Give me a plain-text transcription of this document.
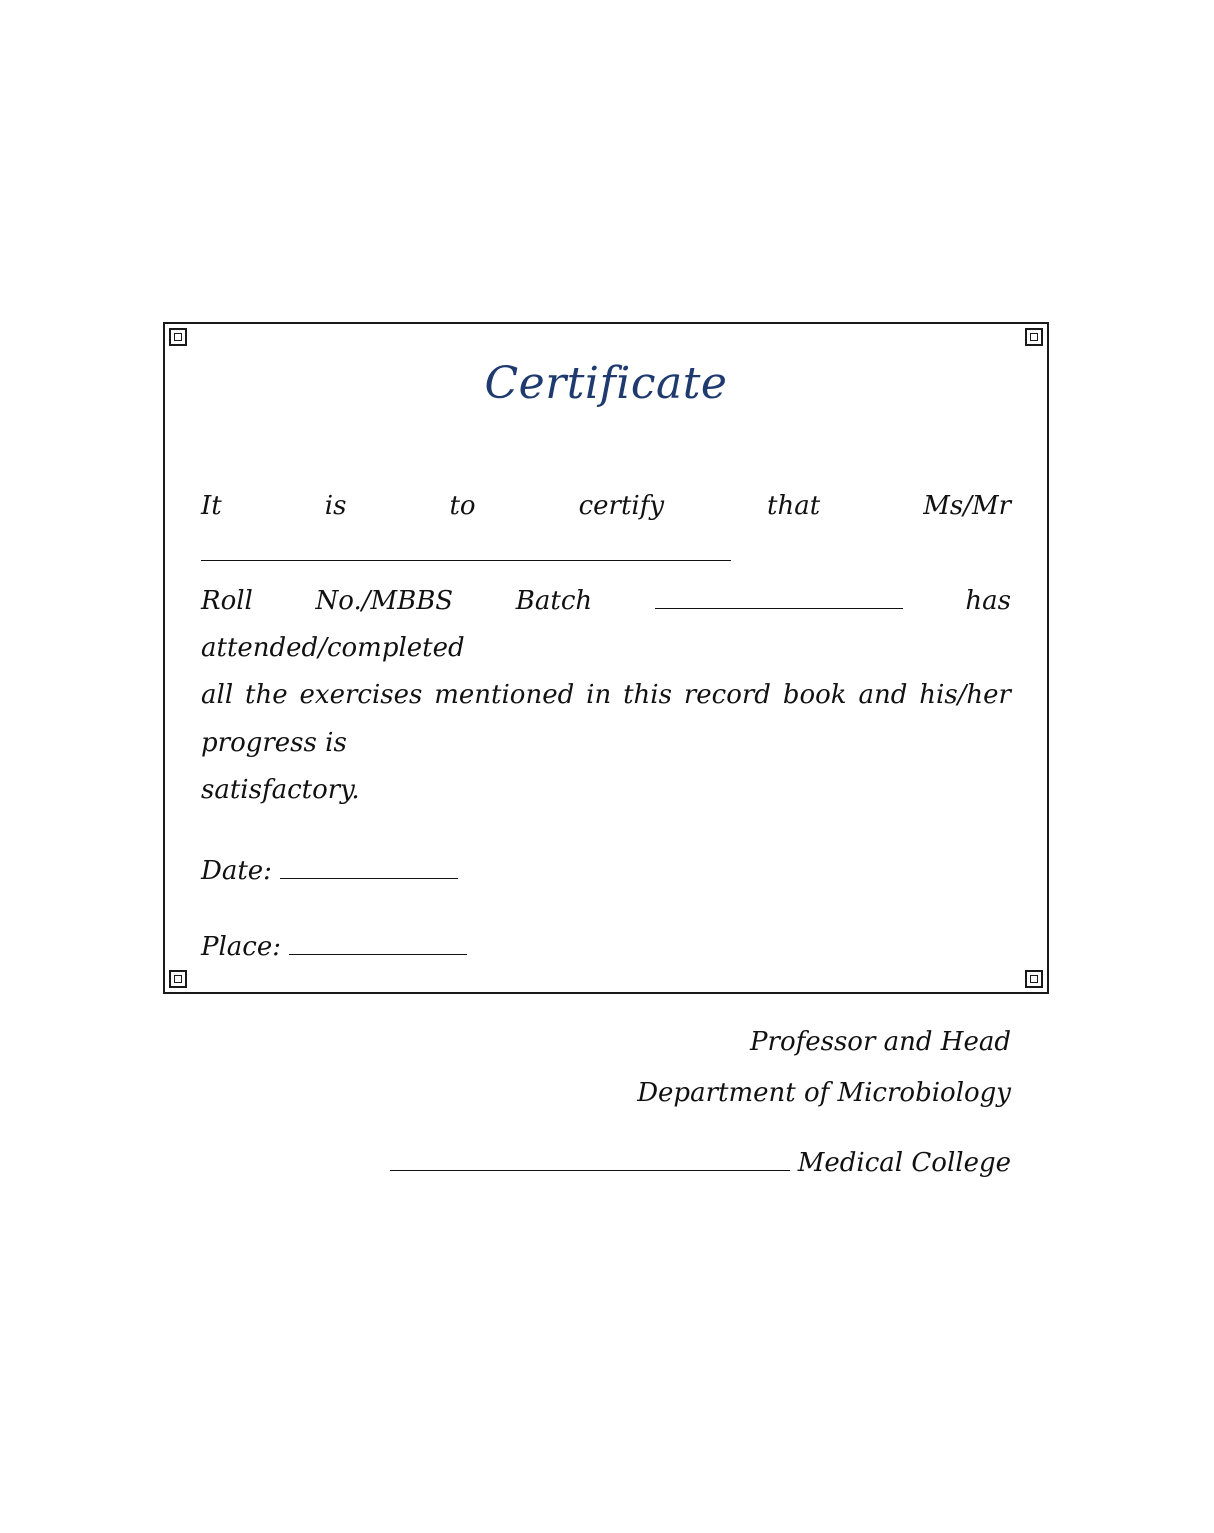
Certificate

It is to certify that Ms/Mr

Roll No./MBBS Batch	has attended/completed

all the exercises mentioned in this record book and his/her progress is

satisfactory.

Date:

Place:

Professor and Head
Department of Microbiology
Medical College
